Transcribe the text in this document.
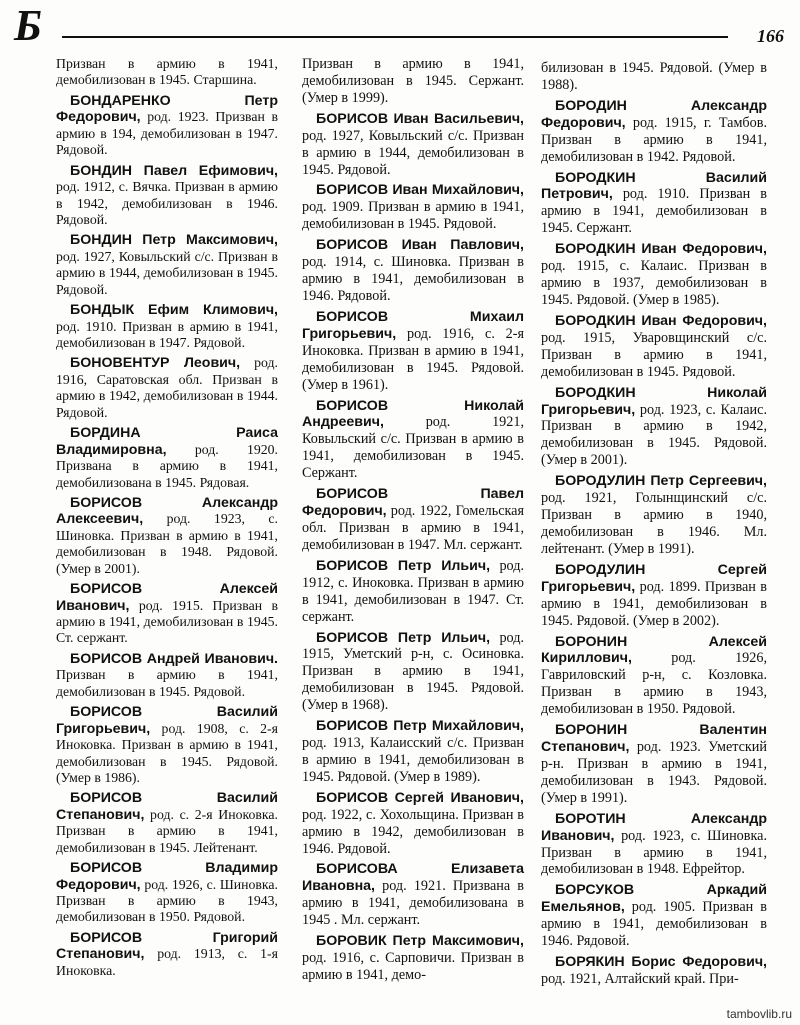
Б	166

Призван в армию в 1941, демобилизован в 1945. Старшина.

БОНДАРЕНКО Петр Федорович, род. 1923. Призван в армию в 194, демобилизован в 1947. Рядовой.

БОНДИН Павел Ефимович, род. 1912, с. Вячка. Призван в армию в 1942, демобилизован в 1946. Рядовой.

БОНДИН Петр Максимович, род. 1927, Ковыльский с/с. Призван в армию в 1944, демобилизован в 1945. Рядовой.

БОНДЫК Ефим Климович, род. 1910. Призван в армию в 1941, демобилизован в 1947. Рядовой.

БОНОВЕНТУР Леович, род. 1916, Саратовская обл. Призван в армию в 1942, демобилизован в 1944. Рядовой.

БОРДИНА Раиса Владимировна, род. 1920. Призвана в армию в 1941, демобилизована в 1945. Рядовая.

БОРИСОВ Александр Алексеевич, род. 1923, с. Шиновка. Призван в армию в 1941, демобилизован в 1948. Рядовой. (Умер в 2001).

БОРИСОВ Алексей Иванович, род. 1915. Призван в армию в 1941, демобилизован в 1945. Ст. сержант.

БОРИСОВ Андрей Иванович. Призван в армию в 1941, демобилизован в 1945. Рядовой.

БОРИСОВ Василий Григорьевич, род. 1908, с. 2-я Иноковка. Призван в армию в 1941, демобилизован в 1945. Рядовой. (Умер в 1986).

БОРИСОВ Василий Степанович, род. с. 2-я Иноковка. Призван в армию в 1941, демобилизован в 1945. Лейтенант.

БОРИСОВ Владимир Федорович, род. 1926, с. Шиновка. Призван в армию в 1943, демобилизован в 1950. Рядовой.

БОРИСОВ Григорий Степанович, род. 1913, с. 1-я Иноковка.

Призван в армию в 1941, демобилизован в 1945. Сержант. (Умер в 1999).

БОРИСОВ Иван Васильевич, род. 1927, Ковыльский с/с. Призван в армию в 1944, демобилизован в 1945. Рядовой.

БОРИСОВ Иван Михайлович, род. 1909. Призван в армию в 1941, демобилизован в 1945. Рядовой.

БОРИСОВ Иван Павлович, род. 1914, с. Шиновка. Призван в армию в 1941, демобилизован в 1946. Рядовой.

БОРИСОВ Михаил Григорьевич, род. 1916, с. 2-я Иноковка. Призван в армию в 1941, демобилизован в 1945. Рядовой. (Умер в 1961).

БОРИСОВ Николай Андреевич, род. 1921, Ковыльский с/с. Призван в армию в 1941, демобилизован в 1945. Сержант.

БОРИСОВ Павел Федорович, род. 1922, Гомельская обл. Призван в армию в 1941, демобилизован в 1947. Мл. сержант.

БОРИСОВ Петр Ильич, род. 1912, с. Иноковка. Призван в армию в 1941, демобилизован в 1947. Ст. сержант.

БОРИСОВ Петр Ильич, род. 1915, Уметский р-н, с. Осиновка. Призван в армию в 1941, демобилизован в 1945. Рядовой. (Умер в 1968).

БОРИСОВ Петр Михайлович, род. 1913, Калаисский с/с. Призван в армию в 1941, демобилизован в 1945. Рядовой. (Умер в 1989).

БОРИСОВ Сергей Иванович, род. 1922, с. Хохольщина. Призван в армию в 1942, демобилизован в 1946. Рядовой.

БОРИСОВА Елизавета Ивановна, род. 1921. Призвана в армию в 1941, демобилизована в 1945 . Мл. сержант.

БОРОВИК Петр Максимович, род. 1916, с. Сарповичи. Призван в армию в 1941, демо-

билизован в 1945. Рядовой. (Умер в 1988).

БОРОДИН Александр Федорович, род. 1915, г. Тамбов. Призван в армию в 1941, демобилизован в 1942. Рядовой.

БОРОДКИН Василий Петрович, род. 1910. Призван в армию в 1941, демобилизован в 1945. Сержант.

БОРОДКИН Иван Федорович, род. 1915, с. Калаис. Призван в армию в 1937, демобилизован в 1945. Рядовой. (Умер в 1985).

БОРОДКИН Иван Федорович, род. 1915, Уваровщинский с/с. Призван в армию в 1941, демобилизован в 1945. Рядовой.

БОРОДКИН Николай Григорьевич, род. 1923, с. Калаис. Призван в армию в 1942, демобилизован в 1945. Рядовой. (Умер в 2001).

БОРОДУЛИН Петр Сергеевич, род. 1921, Голынщинский с/с. Призван в армию в 1940, демобилизован в 1946. Мл. лейтенант. (Умер в 1991).

БОРОДУЛИН Сергей Григорьевич, род. 1899. Призван в армию в 1941, демобилизован в 1945. Рядовой. (Умер в 2002).

БОРОНИН Алексей Кириллович, род. 1926, Гавриловский р-н, с. Козловка. Призван в армию в 1943, демобилизован в 1950. Рядовой.

БОРОНИН Валентин Степанович, род. 1923. Уметский р-н. Призван в армию в 1941, демобилизован в 1943. Рядовой. (Умер в 1991).

БОРОТИН Александр Иванович, род. 1923, с. Шиновка. Призван в армию в 1941, демобилизован в 1948. Ефрейтор.

БОРСУКОВ Аркадий Емельянов, род. 1905. Призван в армию в 1941, демобилизован в 1946. Рядовой.

БОРЯКИН Борис Федорович, род. 1921, Алтайский край. При-

tambovlib.ru
